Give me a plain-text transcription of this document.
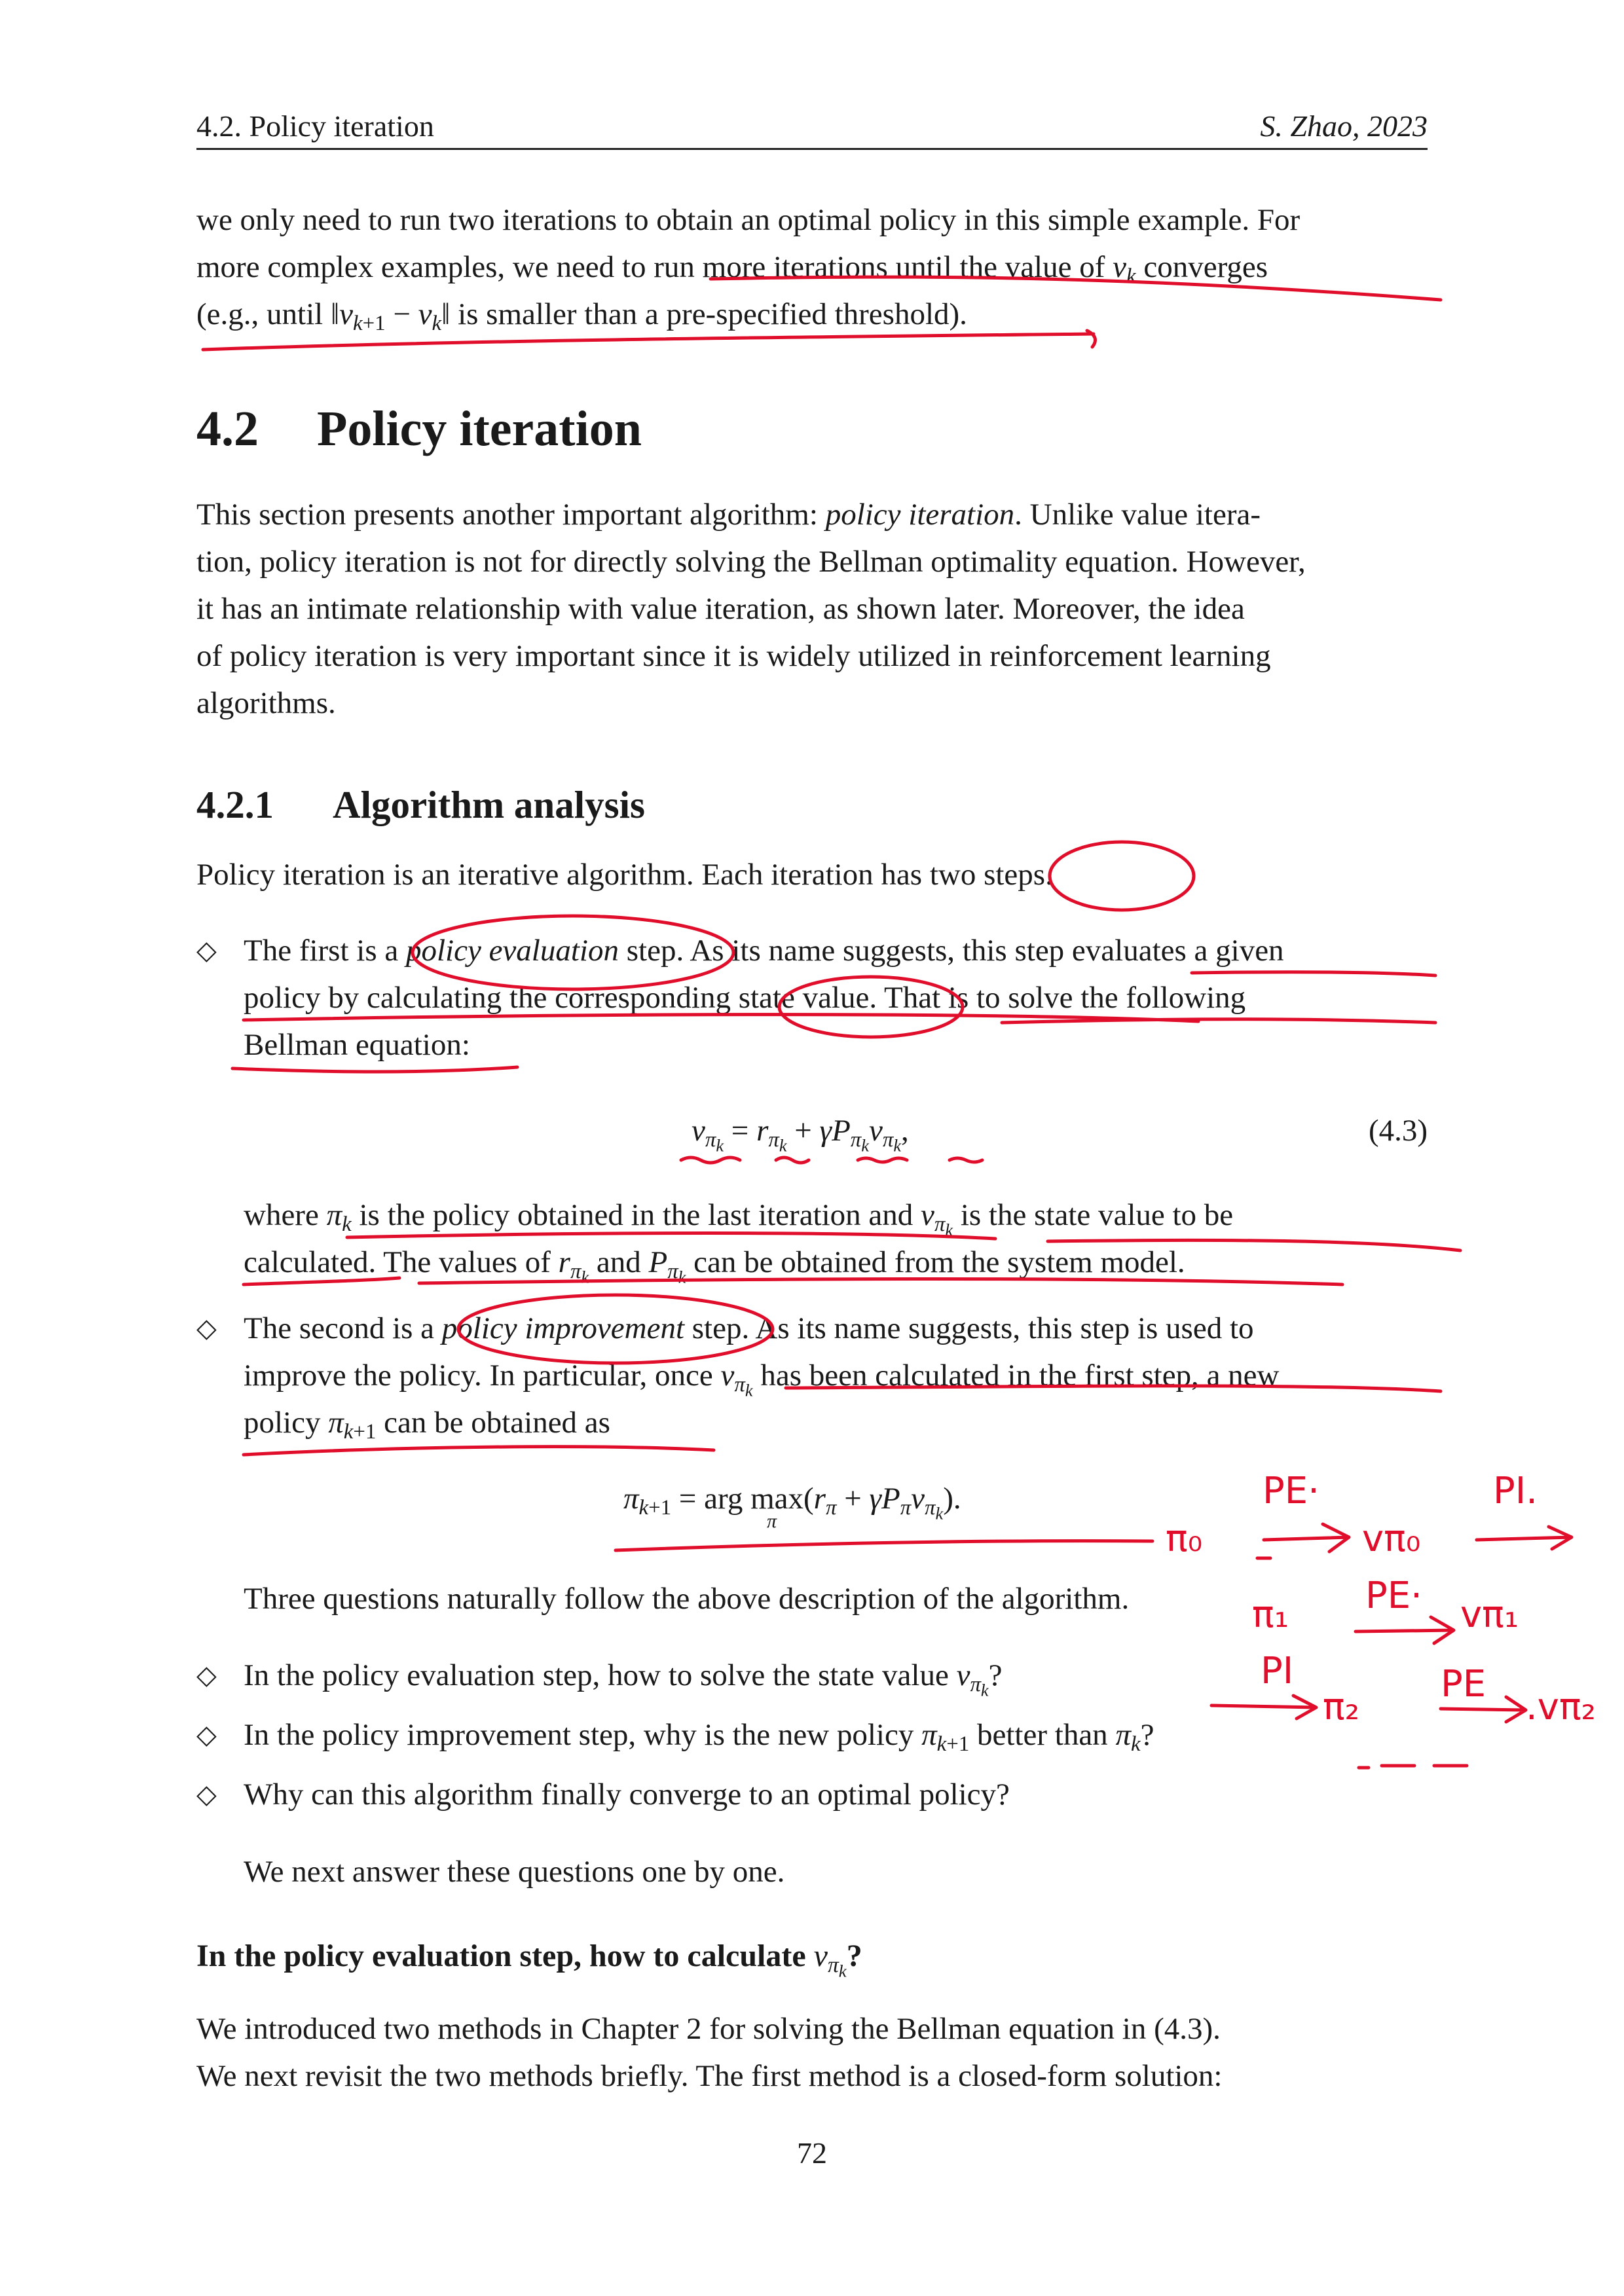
4.2. Policy iteration	S. Zhao, 2023
we only need to run two iterations to obtain an optimal policy in this simple example. For
more complex examples, we need to run more iterations until the value of $v_k$ converges
(e.g., until $‖v_{k+1}$ − $v_k‖$ is smaller than a pre-specified threshold).
4.2 Policy iteration
This section presents another important algorithm: policy iteration. Unlike value itera-
tion, policy iteration is not for directly solving the Bellman optimality equation. However,
it has an intimate relationship with value iteration, as shown later. Moreover, the idea
of policy iteration is very important since it is widely utilized in reinforcement learning
algorithms.
4.2.1 Algorithm analysis
Policy iteration is an iterative algorithm. Each iteration has two steps.
◇ The first is a policy evaluation step. As its name suggests, this step evaluates a given
policy by calculating the corresponding state value. That is to solve the following
Bellman equation:
$v_{\pi_k} = r_{\pi_k} + \gamma P_{\pi_k}v_{\pi_k}$,	(4.3)
where $\pi_k$ is the policy obtained in the last iteration and $v_{\pi_k}$ is the state value to be
calculated. The values of $r_{\pi_k}$ and $P_{\pi_k}$ can be obtained from the system model.
◇ The second is a policy improvement step. As its name suggests, this step is used to
improve the policy. In particular, once $v_{\pi_k}$ has been calculated in the first step, a new
policy $\pi_{k+1}$ can be obtained as
$\pi_{k+1}$ = arg max
π
$(r_\pi + \gamma P_\pi v_{\pi_k})$.
Three questions naturally follow the above description of the algorithm.
◇ In the policy evaluation step, how to solve the state value $v_{\pi_k}$?
◇ In the policy improvement step, why is the new policy $\pi_{k+1}$ better than $\pi_k$?
◇ Why can this algorithm finally converge to an optimal policy?
We next answer these questions one by one.
In the policy evaluation step, how to calculate $v_{\pi_k}$?
We introduced two methods in Chapter 2 for solving the Bellman equation in (4.3).
We next revisit the two methods briefly. The first method is a closed-form solution:
72
PE·	PI.
π₀	vπ₀
π₁ PE· vπ₁
PI
π₂
PE
.vπ₂
